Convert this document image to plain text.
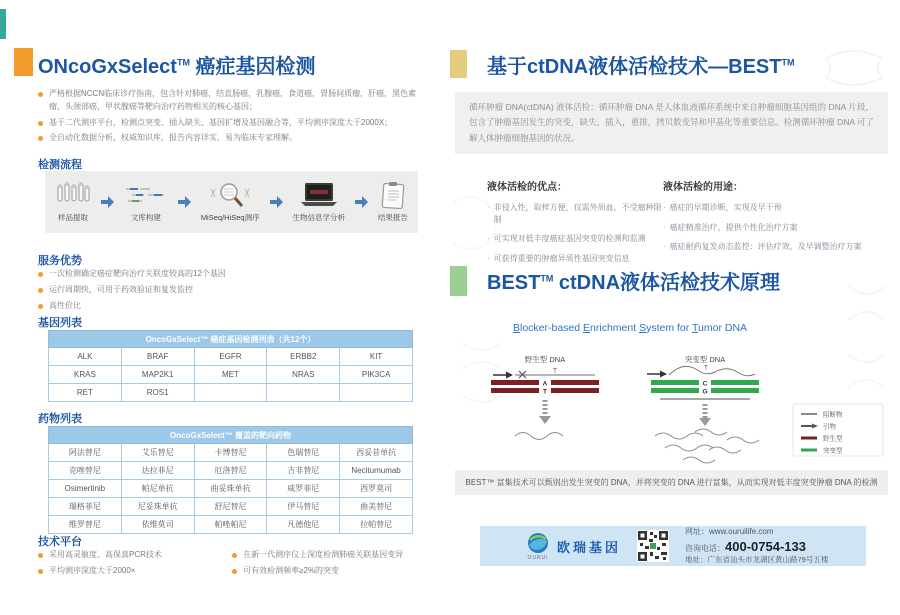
ONcoGxSelect™ 癌症基因检测
严格根据NCCN临床诊疗指南，包含针对肺癌，结直肠癌，乳腺癌，食道癌，胃肠间质瘤，肝癌，黑色素瘤，头颈部癌，甲状腺癌等靶向治疗药物相关的核心基因；
基于二代测序平台，检测点突变、插入缺失、基因扩增及基因融合等，平均测序深度大于2000X；
全自动化数据分析，权威知识库，报告内容详实，易为临床专家理解。
检测流程
样品提取	文库构建	MiSeq/HiSeq测序	生物信息学分析	结果报告
服务优势
一次检测确定癌症靶向治疗关联度较高的12个基因
运行周期快，可用于药效验证和复发监控
高性价比
基因列表
OncoGxSelect™ 癌症基因检测列表（共12个）				
ALK	BRAF	EGFR	ERBB2	KIT
KRAS	MAP2K1	MET	NRAS	PIK3CA
RET	ROS1			
药物列表
OncoGxSelect™ 覆盖的靶向药物				
阿法替尼	艾乐替尼	卡博替尼	色瑞替尼	西妥昔单抗
克唑替尼	达拉菲尼	厄洛替尼	吉非替尼	Necitumumab
Osimertinib	帕尼单抗	曲妥珠单抗	威罗菲尼	西罗莫司
瑞格菲尼	尼妥珠单抗	舒尼替尼	伊马替尼	曲美替尼
维罗替尼	依维莫司	帕唑帕尼	凡德他尼	拉帕替尼
技术平台
采用高灵敏度、高保真PCR技术
平均测序深度大于2000×
在新一代测序仪上深度检测肺癌关联基因变异
可有效检测频率≥2%的突变
基于ctDNA液体活检技术—BEST™
循环肿瘤 DNA(ctDNA) 液体活检：循环肿瘤 DNA 是人体血液循环系统中来自肿瘤细胞基因组的 DNA 片段，包含了肿瘤基因发生的突变，缺失，插入，重排，拷贝数变异和甲基化等重要信息。检测循环肿瘤 DNA 可了解人体肿瘤细胞基因的状况。
液体活检的优点：
· 非侵入性，取样方便，仅需外周血，不受瘤种限制
· 可实现对低丰度癌症基因突变的检测和监测
· 可获得重要的肿瘤异质性基因突变信息
液体活检的用途：
· 癌症的早期诊断，实现及早干预
· 癌症精准治疗，提供个性化治疗方案
· 癌症耐药复发动态监控：评估疗效，及早调整治疗方案
BEST™ ctDNA液体活检技术原理
Blocker-based Enrichment System for Tumor DNA
野生型 DNA
T
A
T
突变型 DNA
T
C
G
阻断物
引物
野生型
突变型
BEST™ 富集技术可以甄别出发生突变的 DNA，并将突变的 DNA 进行富集，从而实现对低丰度突变肿瘤 DNA 的检测
OURUI
欧瑞基因
网址：www.ouruilife.com
咨询电话：400-0754-133
地址：广东省汕头市龙湖区黄山路79号五楼
